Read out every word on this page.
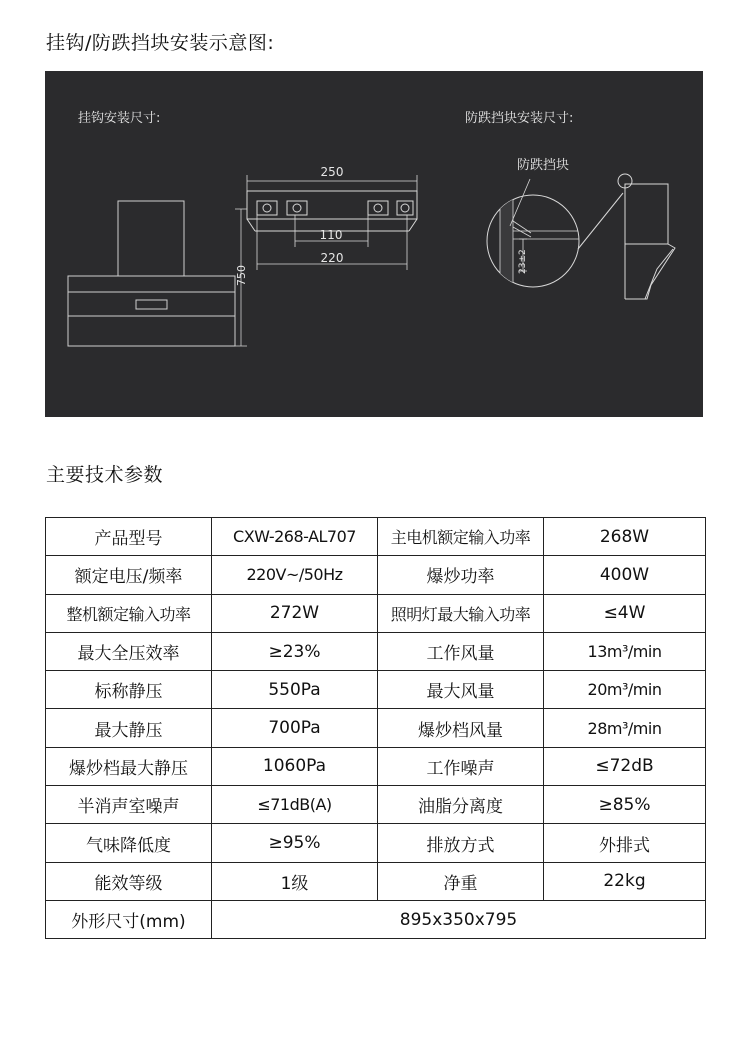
挂钩/防跌挡块安装示意图:
挂钩安装尺寸:	防跌挡块安装尺寸:
防跌挡块
750
250
110
220	23±2
主要技术参数
产品型号	CXW-268-AL707	主电机额定输入功率	268W
额定电压/频率	220V~/50Hz	爆炒功率	400W
整机额定输入功率	272W	照明灯最大输入功率	≤4W
最大全压效率	≥23%	工作风量	13m³/min
标称静压	550Pa	最大风量	20m³/min
最大静压	700Pa	爆炒档风量	28m³/min
爆炒档最大静压	1060Pa	工作噪声	≤72dB
半消声室噪声	≤71dB(A)	油脂分离度	≥85%
气味降低度	≥95%	排放方式	外排式
能效等级	1级	净重	22kg
外形尺寸(mm)	895x350x795		
